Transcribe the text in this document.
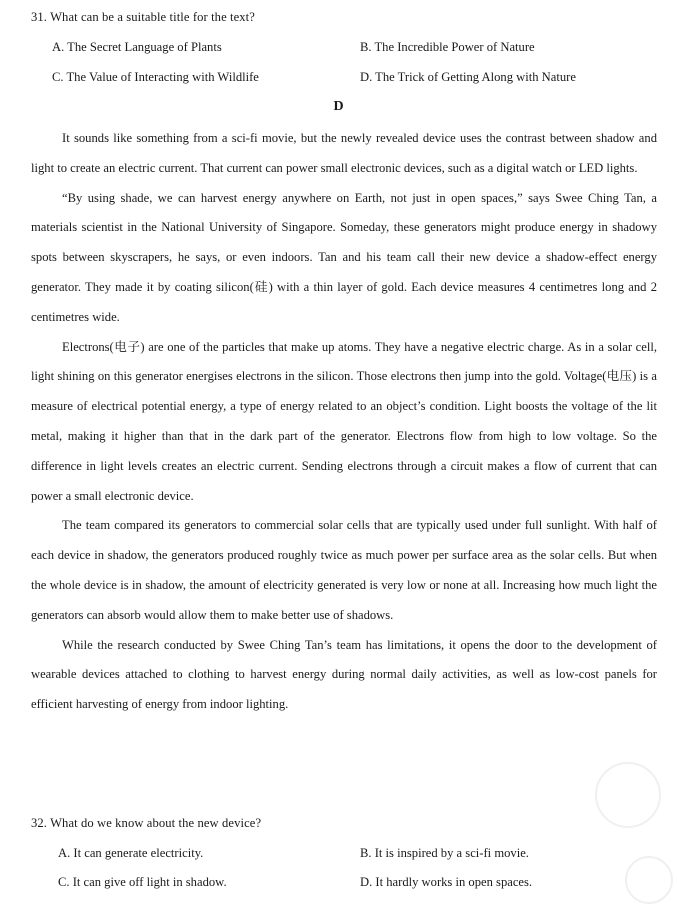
31. What can be a suitable title for the text?
A. The Secret Language of Plants	B. The Incredible Power of Nature
C. The Value of Interacting with Wildlife	D. The Trick of Getting Along with Nature
D

It sounds like something from a sci-fi movie, but the newly revealed device uses the contrast between shadow and light to create an electric current. That current can power small electronic devices, such as a digital watch or LED lights.

“By using shade, we can harvest energy anywhere on Earth, not just in open spaces,” says Swee Ching Tan, a materials scientist in the National University of Singapore. Someday, these generators might produce energy in shadowy spots between skyscrapers, he says, or even indoors. Tan and his team call their new device a shadow-effect energy generator. They made it by coating silicon(硅) with a thin layer of gold. Each device measures 4 centimetres long and 2 centimetres wide.

Electrons(电子) are one of the particles that make up atoms. They have a negative electric charge. As in a solar cell, light shining on this generator energises electrons in the silicon. Those electrons then jump into the gold. Voltage(电压) is a measure of electrical potential energy, a type of energy related to an object’s condition. Light boosts the voltage of the lit metal, making it higher than that in the dark part of the generator. Electrons flow from high to low voltage. So the difference in light levels creates an electric current. Sending electrons through a circuit makes a flow of current that can power a small electronic device.

The team compared its generators to commercial solar cells that are typically used under full sunlight. With half of each device in shadow, the generators produced roughly twice as much power per surface area as the solar cells. But when the whole device is in shadow, the amount of electricity generated is very low or none at all. Increasing how much light the generators can absorb would allow them to make better use of shadows.

While the research conducted by Swee Ching Tan’s team has limitations, it opens the door to the development of wearable devices attached to clothing to harvest energy during normal daily activities, as well as low-cost panels for efficient harvesting of energy from indoor lighting.

32. What do we know about the new device?
A. It can generate electricity.	B. It is inspired by a sci-fi movie.
C. It can give off light in shadow.	D. It hardly works in open spaces.
